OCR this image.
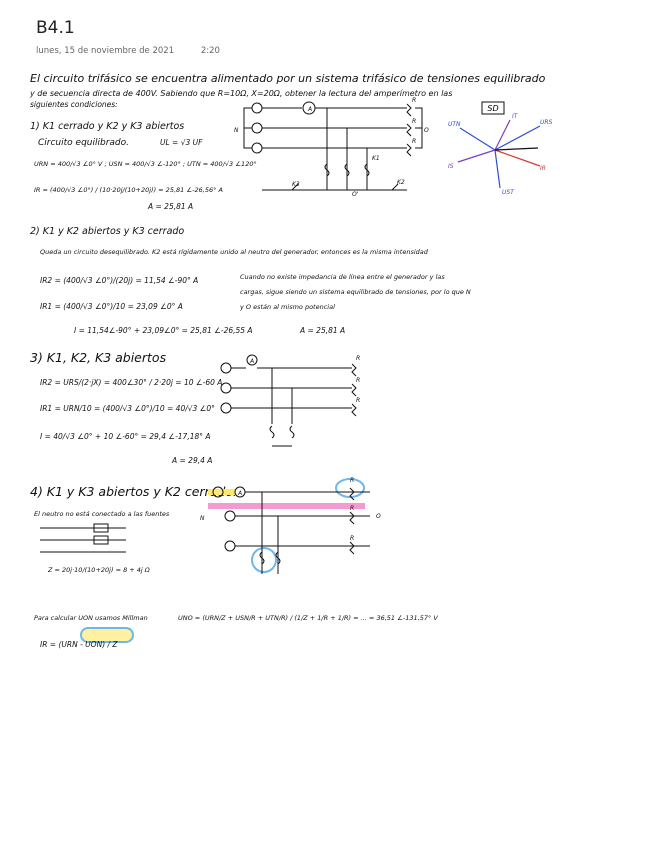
B4.1
lunes, 15 de noviembre de 2021	2:20
El circuito trifásico se encuentra alimentado por un sistema trifásico de tensiones equilibrado
y de secuencia directa de 400V. Sabiendo que R=10Ω, X=20Ω, obtener la lectura del amperímetro en las
siguientes condiciones:
1) K1 cerrado y K2 y K3 abiertos
UL = √3 UF
Circuito equilibrado.
URN = 400/√3 ∠0° V ; USN = 400/√3 ∠-120° ; UTN = 400/√3 ∠120°
IR = (400/√3 ∠0°) / (10·20j/(10+20j)) = 25,81 ∠-26,56° A
A = 25,81 A
A
N	O
O'
K1
K3	K2
R
R
R
SD
URS
UTN
UST
IR
IT
IS
2) K1 y K2 abiertos y K3 cerrado
Queda un circuito desequilibrado. K2 está rígidamente unido al neutro del generador, entonces es la misma intensidad
IR2 = (400/√3 ∠0°)/(20j) = 11,54 ∠-90° A
IR1 = (400/√3 ∠0°)/10 = 23,09 ∠0° A
Cuando no existe impedancia de línea entre el generador y las
cargas, sigue siendo un sistema equilibrado de tensiones, por lo que N
y O están al mismo potencial
I = 11,54∠-90° + 23,09∠0° = 25,81 ∠-26,55 A	A = 25,81 A
3) K1, K2, K3 abiertos
IR2 = URS/(2·jX) = 400∠30° / 2·20j = 10 ∠-60 A
IR1 = URN/10 = (400/√3 ∠0°)/10 = 40/√3 ∠0°
I = 40/√3 ∠0° + 10 ∠-60° = 29,4 ∠-17,18° A
A = 29,4 A
A	R
R
R
4) K1 y K3 abiertos y K2 cerrado.
El neutro no está conectado a las fuentes
Z = 20j·10/(10+20j) = 8 + 4j Ω
A
N	O
R
R
R
Para calcular UON usamos Millman	UNO = (URN/Z + USN/R + UTN/R) / (1/Z + 1/R + 1/R) = ... = 36,51 ∠-131,57° V
IR = (URN - UON) / Z
